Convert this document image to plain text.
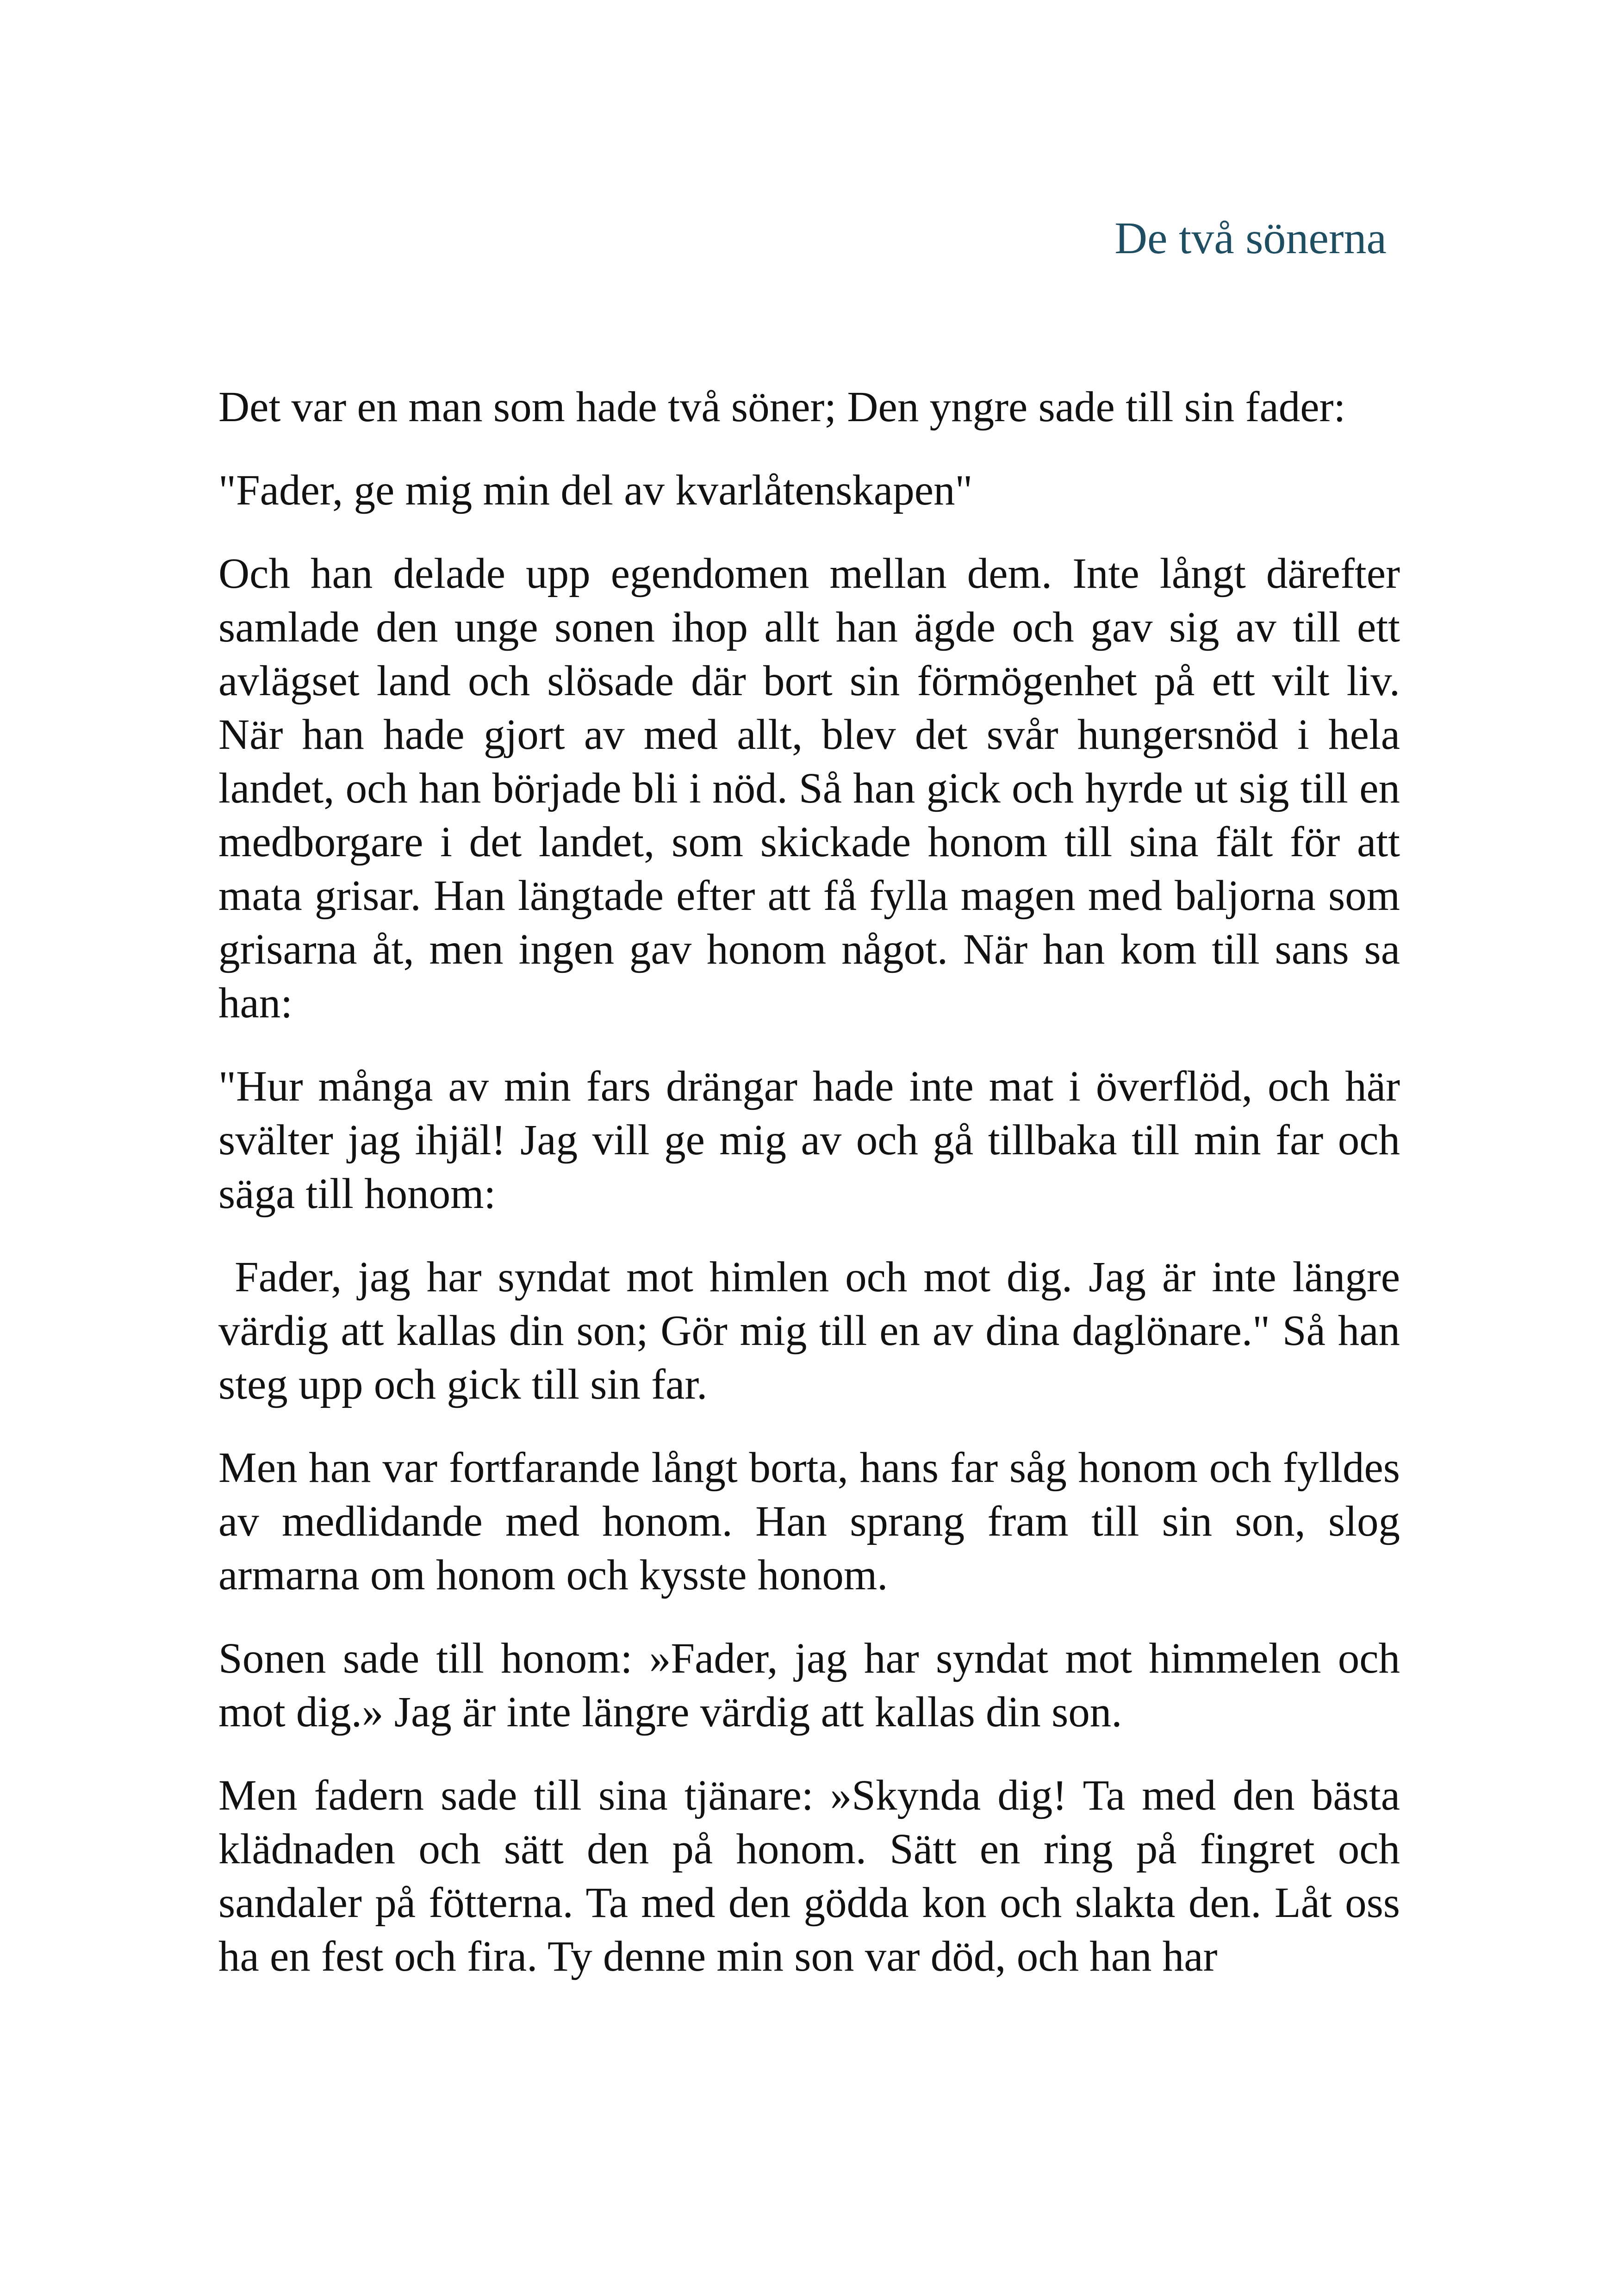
De två sönerna

Det var en man som hade två söner; Den yngre sade till sin fader:

"Fader, ge mig min del av kvarlåtenskapen"

Och han delade upp egendomen mellan dem. Inte långt därefter samlade den unge sonen ihop allt han ägde och gav sig av till ett avlägset land och slösade där bort sin förmögenhet på ett vilt liv. När han hade gjort av med allt, blev det svår hungersnöd i hela landet, och han började bli i nöd. Så han gick och hyrde ut sig till en medborgare i det landet, som skickade honom till sina fält för att mata grisar. Han längtade efter att få fylla magen med baljorna som grisarna åt, men ingen gav honom något. När han kom till sans sa han:

"Hur många av min fars drängar hade inte mat i överflöd, och här svälter jag ihjäl! Jag vill ge mig av och gå tillbaka till min far och säga till honom:

Fader, jag har syndat mot himlen och mot dig. Jag är inte längre värdig att kallas din son; Gör mig till en av dina daglönare." Så han steg upp och gick till sin far.

Men han var fortfarande långt borta, hans far såg honom och fylldes av medlidande med honom. Han sprang fram till sin son, slog armarna om honom och kysste honom.

Sonen sade till honom: »Fader, jag har syndat mot himmelen och mot dig.» Jag är inte längre värdig att kallas din son.

Men fadern sade till sina tjänare: »Skynda dig! Ta med den bästa klädnaden och sätt den på honom. Sätt en ring på fingret och sandaler på fötterna. Ta med den gödda kon och slakta den. Låt oss ha en fest och fira. Ty denne min son var död, och han har
